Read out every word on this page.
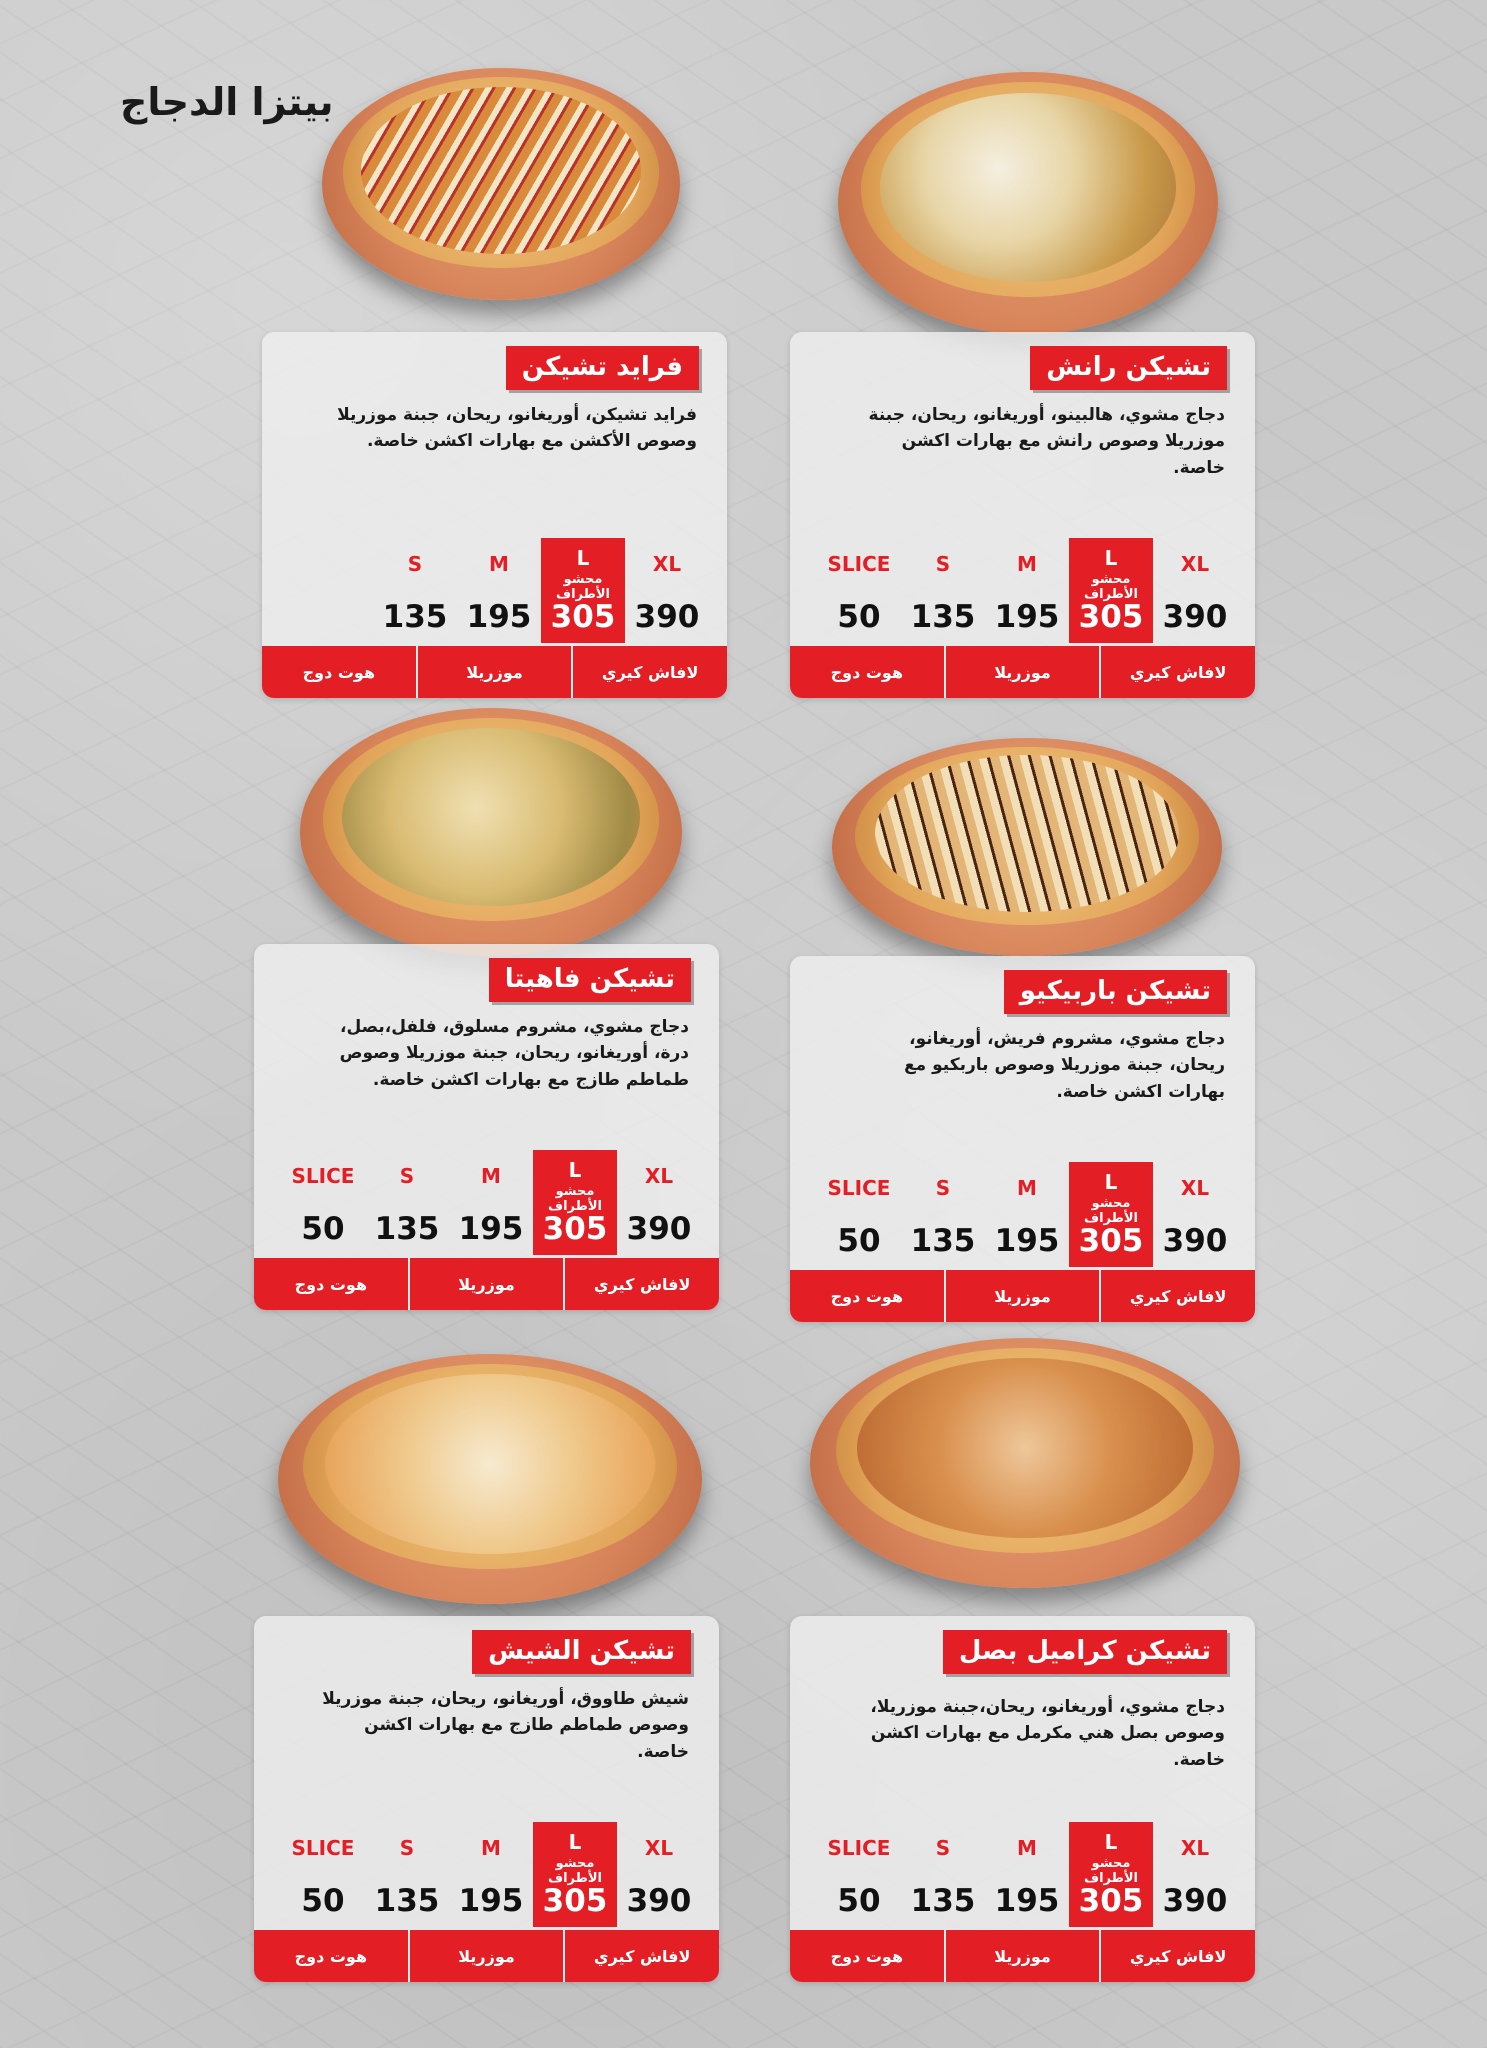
بيتزا الدجاج
تشيكن رانش
دجاج مشوي، هالبينو، أوريغانو، ريحان، جبنة موزريلا وصوص رانش مع بهارات اكشن خاصة.
XL
390
L
محشو الأطراف
305
M
195
S
135
SLICE
50
لافاش كيري
موزريلا
هوت دوج
فرايد تشيكن
فرايد تشيكن، أوريغانو، ريحان، جبنة موزريلا وصوص الأكشن مع بهارات اكشن خاصة.
XL
390
L
محشو الأطراف
305
M
195
S
135
لافاش كيري
موزريلا
هوت دوج
تشيكن باربيكيو
دجاج مشوي، مشروم فريش، أوريغانو، ريحان، جبنة موزريلا وصوص باربكيو مع بهارات اكشن خاصة.
XL
390
L
محشو الأطراف
305
M
195
S
135
SLICE
50
لافاش كيري
موزريلا
هوت دوج
تشيكن فاهيتا
دجاج مشوي، مشروم مسلوق، فلفل،بصل، درة، أوريغانو، ريحان، جبنة موزريلا وصوص طماطم طازج مع بهارات اكشن خاصة.
XL
390
L
محشو الأطراف
305
M
195
S
135
SLICE
50
لافاش كيري
موزريلا
هوت دوج
تشيكن كراميل بصل
دجاج مشوي، أوريغانو، ريحان،جبنة موزريلا، وصوص بصل هني مكرمل مع بهارات اكشن خاصة.
XL
390
L
محشو الأطراف
305
M
195
S
135
SLICE
50
لافاش كيري
موزريلا
هوت دوج
تشيكن الشيش
شيش طاووق، أوريغانو، ريحان، جبنة موزريلا وصوص طماطم طازج مع بهارات اكشن خاصة.
XL
390
L
محشو الأطراف
305
M
195
S
135
SLICE
50
لافاش كيري
موزريلا
هوت دوج
